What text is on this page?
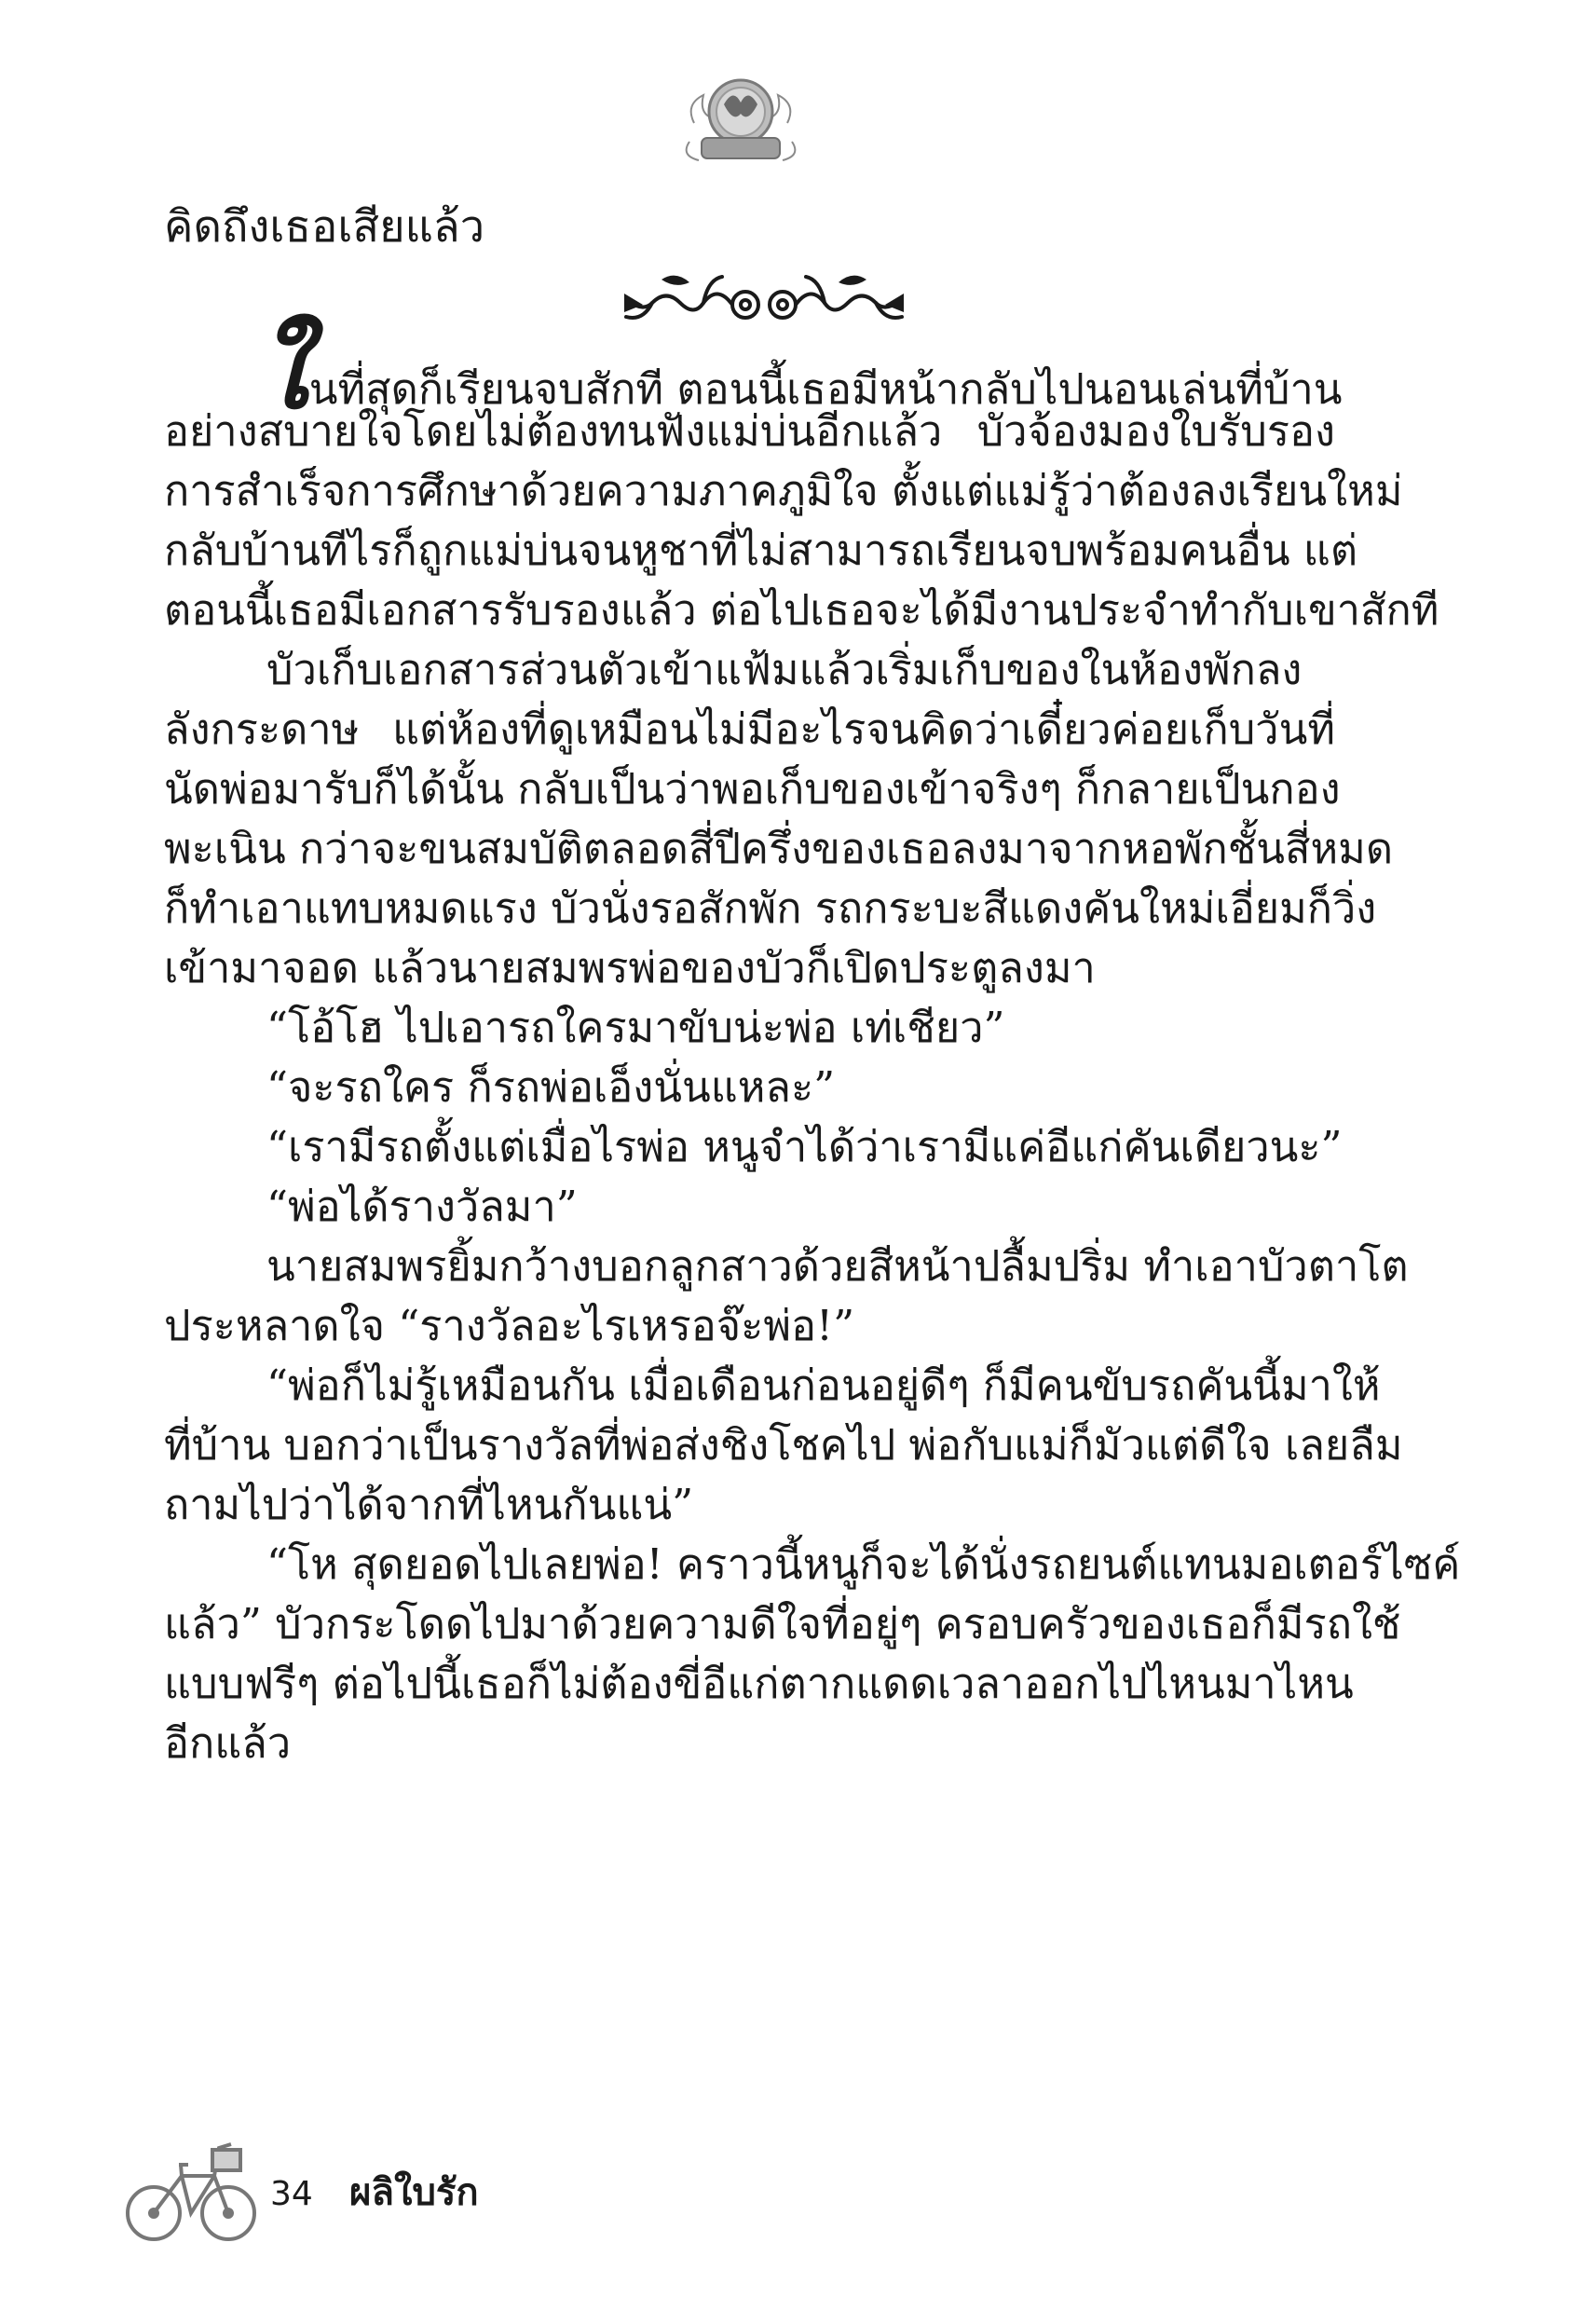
คิดถึงเธอเสียแล้ว
ในที่สุดก็เรียนจบสักที ตอนนี้เธอมีหน้ากลับไปนอนเล่นที่บ้าน
อย่างสบายใจโดยไม่ต้องทนฟังแม่บ่นอีกแล้ว บัวจ้องมองใบรับรอง
การสำเร็จการศึกษาด้วยความภาคภูมิใจ ตั้งแต่แม่รู้ว่าต้องลงเรียนใหม่
กลับบ้านทีไรก็ถูกแม่บ่นจนหูชาที่ไม่สามารถเรียนจบพร้อมคนอื่น แต่
ตอนนี้เธอมีเอกสารรับรองแล้ว ต่อไปเธอจะได้มีงานประจำทำกับเขาสักที
บัวเก็บเอกสารส่วนตัวเข้าแฟ้มแล้วเริ่มเก็บของในห้องพักลง
ลังกระดาษ แต่ห้องที่ดูเหมือนไม่มีอะไรจนคิดว่าเดี๋ยวค่อยเก็บวันที่
นัดพ่อมารับก็ได้นั้น กลับเป็นว่าพอเก็บของเข้าจริงๆ ก็กลายเป็นกอง
พะเนิน กว่าจะขนสมบัติตลอดสี่ปีครึ่งของเธอลงมาจากหอพักชั้นสี่หมด
ก็ทำเอาแทบหมดแรง บัวนั่งรอสักพัก รถกระบะสีแดงคันใหม่เอี่ยมก็วิ่ง
เข้ามาจอด แล้วนายสมพรพ่อของบัวก็เปิดประตูลงมา
“โอ้โฮ ไปเอารถใครมาขับน่ะพ่อ เท่เชียว”
“จะรถใคร ก็รถพ่อเอ็งนั่นแหละ”
“เรามีรถตั้งแต่เมื่อไรพ่อ หนูจำได้ว่าเรามีแค่อีแก่คันเดียวนะ”
“พ่อได้รางวัลมา”
นายสมพรยิ้มกว้างบอกลูกสาวด้วยสีหน้าปลื้มปริ่ม ทำเอาบัวตาโต
ประหลาดใจ “รางวัลอะไรเหรอจ๊ะพ่อ!”
“พ่อก็ไม่รู้เหมือนกัน เมื่อเดือนก่อนอยู่ดีๆ ก็มีคนขับรถคันนี้มาให้
ที่บ้าน บอกว่าเป็นรางวัลที่พ่อส่งชิงโชคไป พ่อกับแม่ก็มัวแต่ดีใจ เลยลืม
ถามไปว่าได้จากที่ไหนกันแน่”
“โห สุดยอดไปเลยพ่อ! คราวนี้หนูก็จะได้นั่งรถยนต์แทนมอเตอร์ไซค์
แล้ว” บัวกระโดดไปมาด้วยความดีใจที่อยู่ๆ ครอบครัวของเธอก็มีรถใช้
แบบฟรีๆ ต่อไปนี้เธอก็ไม่ต้องขี่อีแก่ตากแดดเวลาออกไปไหนมาไหน
อีกแล้ว
34 ผลิใบรัก
